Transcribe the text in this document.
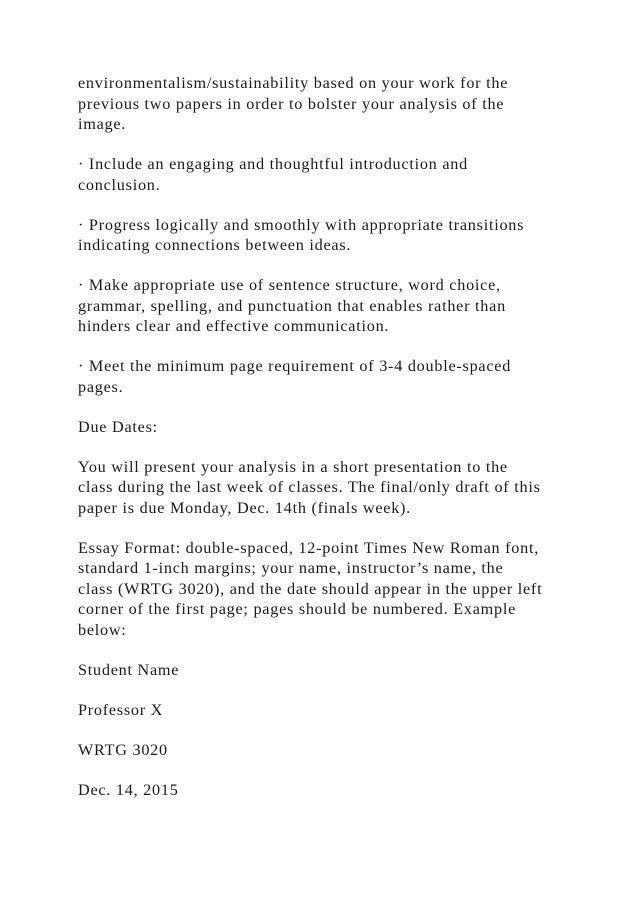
environmentalism/sustainability based on your work for the
previous two papers in order to bolster your analysis of the
image.
· Include an engaging and thoughtful introduction and
conclusion.
· Progress logically and smoothly with appropriate transitions
indicating connections between ideas.
· Make appropriate use of sentence structure, word choice,
grammar, spelling, and punctuation that enables rather than
hinders clear and effective communication.
· Meet the minimum page requirement of 3-4 double-spaced
pages.
Due Dates:
You will present your analysis in a short presentation to the
class during the last week of classes. The final/only draft of this
paper is due Monday, Dec. 14th (finals week).
Essay Format: double-spaced, 12-point Times New Roman font,
standard 1-inch margins; your name, instructor’s name, the
class (WRTG 3020), and the date should appear in the upper left
corner of the first page; pages should be numbered. Example
below:
Student Name
Professor X
WRTG 3020
Dec. 14, 2015
